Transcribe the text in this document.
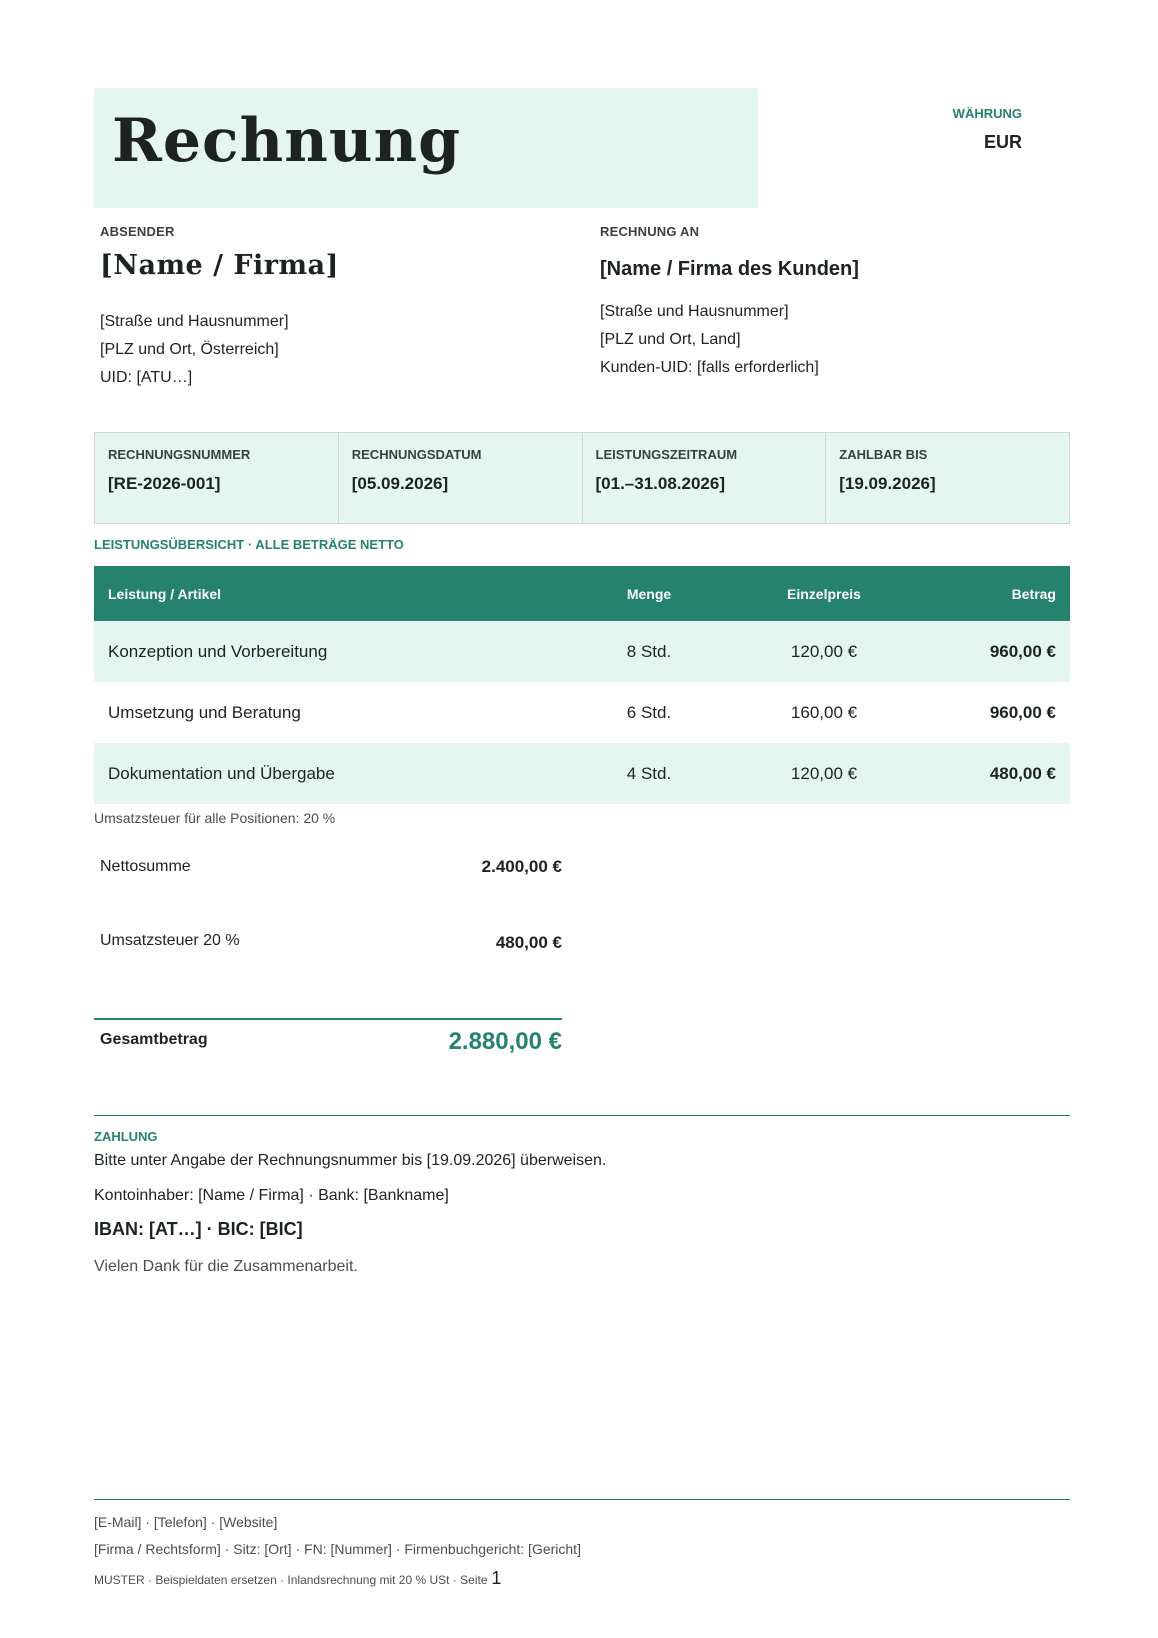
Rechnung	WÄHRUNG
EUR
ABSENDER
[Name / Firma]
[Straße und Hausnummer]
[PLZ und Ort, Österreich]
UID: [ATU…]
RECHNUNG AN
[Name / Firma des Kunden]
[Straße und Hausnummer]
[PLZ und Ort, Land]
Kunden-UID: [falls erforderlich]
RECHNUNGSNUMMER
[RE-2026-001]
RECHNUNGSDATUM
[05.09.2026]
LEISTUNGSZEITRAUM
[01.–31.08.2026]
ZAHLBAR BIS
[19.09.2026]
LEISTUNGSÜBERSICHT · ALLE BETRÄGE NETTO
Leistung / Artikel	Menge	Einzelpreis	Betrag
Konzeption und Vorbereitung	8 Std.	120,00 €	960,00 €
Umsetzung und Beratung	6 Std.	160,00 €	960,00 €
Dokumentation und Übergabe	4 Std.	120,00 €	480,00 €
Umsatzsteuer für alle Positionen: 20 %
Nettosumme	2.400,00 €
Umsatzsteuer 20 %	480,00 €
Gesamtbetrag	2.880,00 €
ZAHLUNG
Bitte unter Angabe der Rechnungsnummer bis [19.09.2026] überweisen.
Kontoinhaber: [Name / Firma] · Bank: [Bankname]
IBAN: [AT…] · BIC: [BIC]
Vielen Dank für die Zusammenarbeit.
[E-Mail] · [Telefon] · [Website]
[Firma / Rechtsform] · Sitz: [Ort] · FN: [Nummer] · Firmenbuchgericht: [Gericht]
MUSTER · Beispieldaten ersetzen · Inlandsrechnung mit 20 % USt · Seite 1
